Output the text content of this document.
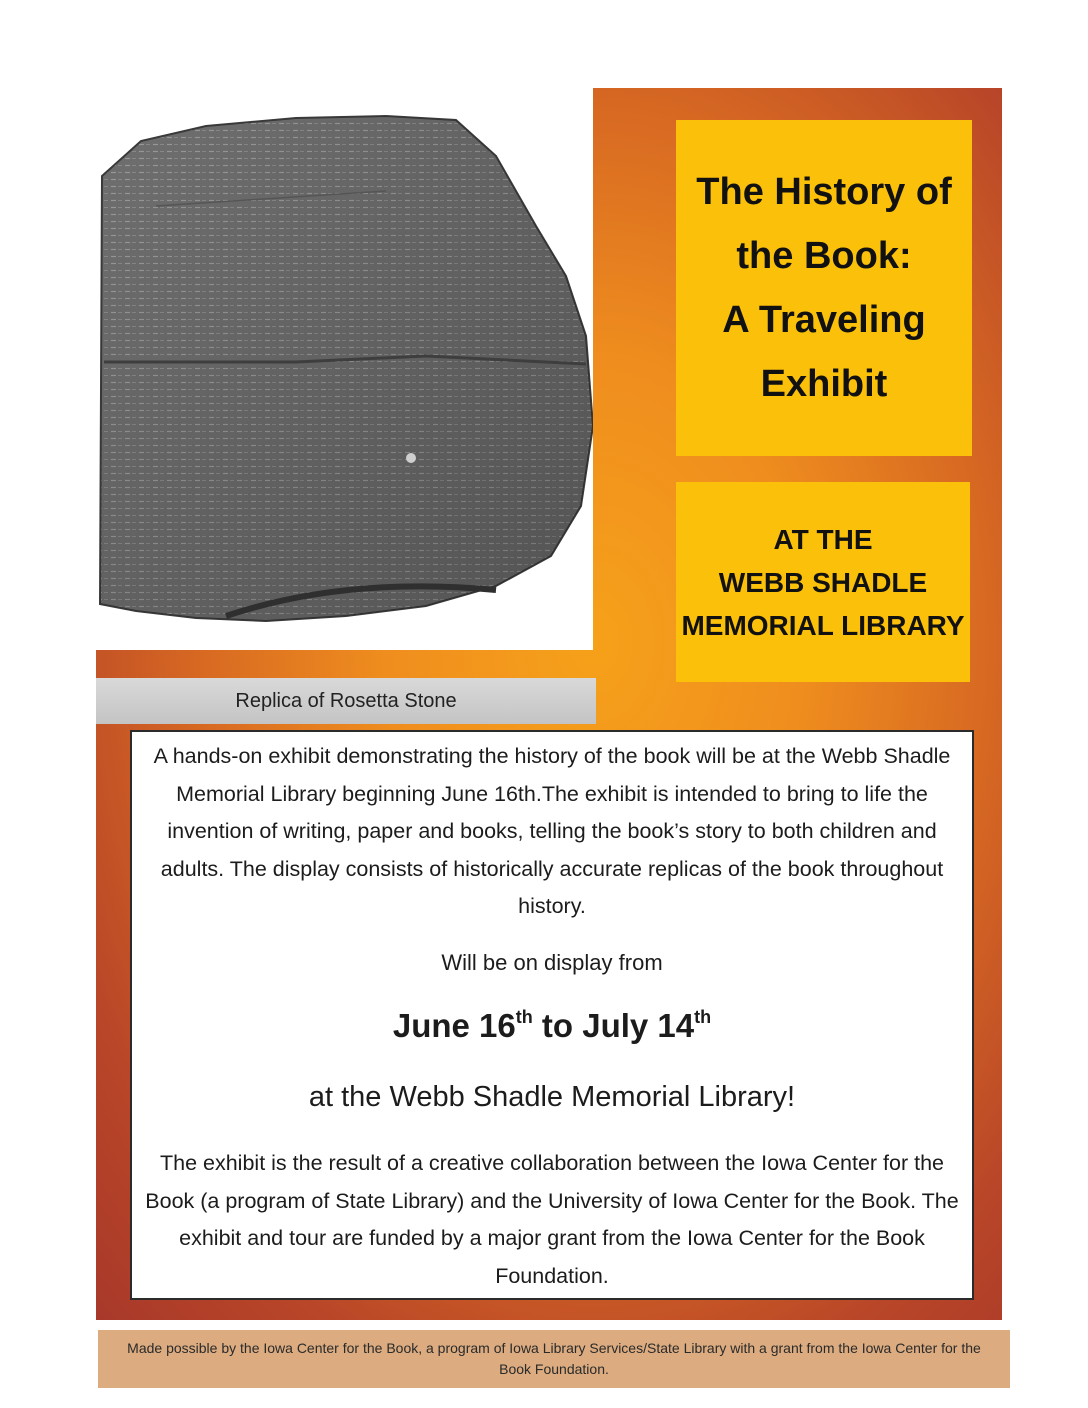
Replica of Rosetta Stone
The History of
the Book:
A Traveling
Exhibit
AT THE
WEBB SHADLE
MEMORIAL LIBRARY
A hands-on exhibit demonstrating the history of the book will be at the Webb Shadle Memorial Library beginning June 16th.The exhibit is intended to bring to life the invention of writing, paper and books, telling the book’s story to both children and adults. The display consists of historically accurate replicas of the book throughout history.
Will be on display from
June 16th to July 14th
at the Webb Shadle Memorial Library!
The exhibit is the result of a creative collaboration between the Iowa Center for the Book (a program of State Library) and the University of Iowa Center for the Book. The exhibit and tour are funded by a major grant from the Iowa Center for the Book Foundation.
Made possible by the Iowa Center for the Book, a program of Iowa Library Services/State Library with a grant from the Iowa Center for the Book Foundation.
